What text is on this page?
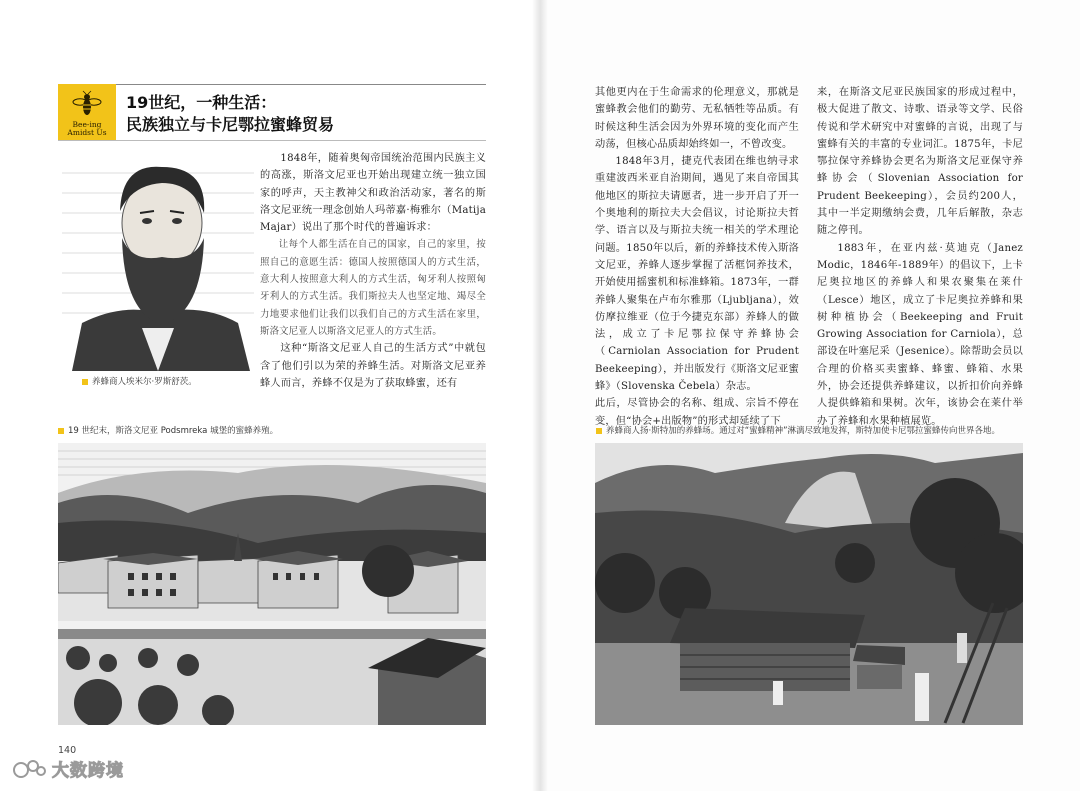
Bee-ing
Amidst Us
19世纪，一种生活：
民族独立与卡尼鄂拉蜜蜂贸易
养蜂商人埃米尔·罗斯舒茨。

1848年，随着奥匈帝国统治范围内民族主义的高涨，斯洛文尼亚也开始出现建立统一独立国家的呼声，天主教神父和政治活动家，著名的斯洛文尼亚统一理念创始人玛蒂嘉·梅雅尔（Matija Majar）说出了那个时代的普遍诉求：

让每个人都生活在自己的国家，自己的家里，按照自己的意愿生活：德国人按照德国人的方式生活，意大利人按照意大利人的方式生活，匈牙利人按照匈牙利人的方式生活。我们斯拉夫人也坚定地、竭尽全力地要求他们让我们以我们自己的方式生活在家里，斯洛文尼亚人以斯洛文尼亚人的方式生活。

这种“斯洛文尼亚人自己的生活方式”中就包含了他们引以为荣的养蜂生活。对斯洛文尼亚养蜂人而言，养蜂不仅是为了获取蜂蜜，还有

其他更内在于生命需求的伦理意义，那就是蜜蜂教会他们的勤劳、无私牺牲等品质。有时候这种生活会因为外界环境的变化而产生动荡，但核心品质却始终如一，不曾改变。

1848年3月，捷克代表团在维也纳寻求重建波西米亚自治期间，遇见了来自帝国其他地区的斯拉夫请愿者，进一步开启了开一个奥地利的斯拉夫大会倡议，讨论斯拉夫哲学、语言以及与斯拉夫统一相关的学术理论问题。1850年以后，新的养蜂技术传入斯洛文尼亚，养蜂人逐步掌握了活框饲养技术，开始使用摇蜜机和标准蜂箱。1873年，一群养蜂人聚集在卢布尔雅那（Ljubljana），效仿摩拉维亚（位于今捷克东部）养蜂人的做法，成立了卡尼鄂拉保守养蜂协会（Carniolan Association for Prudent Beekeeping），并出版发行《斯洛文尼亚蜜蜂》（Slovenska Čebela）杂志。

此后，尽管协会的名称、组成、宗旨不停在变，但“协会+出版物”的形式却延续了下

来，在斯洛文尼亚民族国家的形成过程中，极大促进了散文、诗歌、语录等文学、民俗传说和学术研究中对蜜蜂的言说，出现了与蜜蜂有关的丰富的专业词汇。1875年，卡尼鄂拉保守养蜂协会更名为斯洛文尼亚保守养蜂协会（Slovenian Association for Prudent Beekeeping），会员约200人，其中一半定期缴纳会费，几年后解散，杂志随之停刊。

1883年，在亚内兹·莫迪克（Janez Modic，1846年-1889年）的倡议下，上卡尼奥拉地区的养蜂人和果农聚集在莱什（Lesce）地区，成立了卡尼奥拉养蜂和果树种植协会（Beekeeping and Fruit Growing Association for Carniola），总部设在叶塞尼采（Jesenice）。除帮助会员以合理的价格买卖蜜蜂、蜂蜜、蜂箱、水果外，协会还提供养蜂建议，以折扣价向养蜂人提供蜂箱和果树。次年，该协会在莱什举办了养蜂和水果种植展览。

19 世纪末，斯洛文尼亚 Podsmreka 城堡的蜜蜂养殖。	养蜂商人扬·斯特加的养蜂场。通过对“蜜蜂精神”淋漓尽致地发挥，斯特加使卡尼鄂拉蜜蜂传向世界各地。
140
大数跨境
